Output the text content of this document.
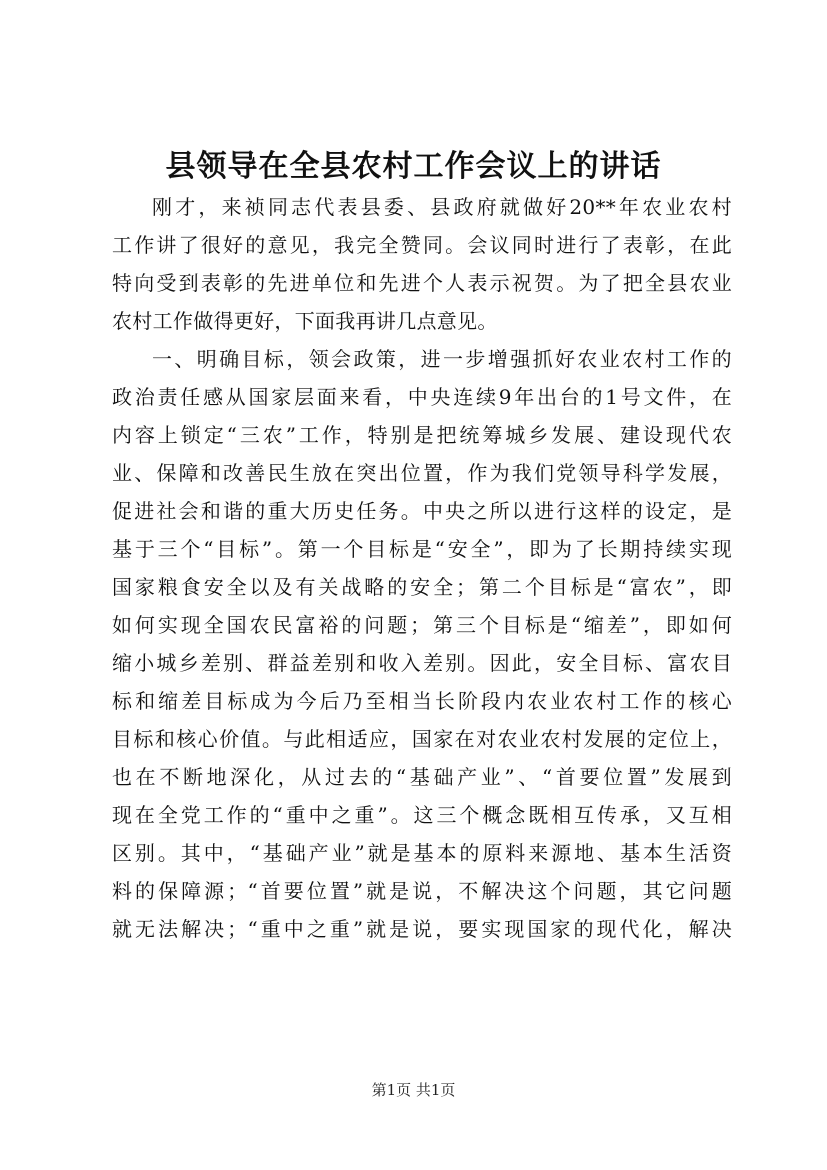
县领导在全县农村工作会议上的讲话
刚才，来祯同志代表县委、县政府就做好20**年农业农村
工作讲了很好的意见，我完全赞同。会议同时进行了表彰，在此
特向受到表彰的先进单位和先进个人表示祝贺。为了把全县农业
农村工作做得更好，下面我再讲几点意见。
一、明确目标，领会政策，进一步增强抓好农业农村工作的
政治责任感从国家层面来看，中央连续9年出台的1号文件，在
内容上锁定“三农”工作，特别是把统筹城乡发展、建设现代农
业、保障和改善民生放在突出位置，作为我们党领导科学发展，
促进社会和谐的重大历史任务。中央之所以进行这样的设定，是
基于三个“目标”。第一个目标是“安全”，即为了长期持续实现
国家粮食安全以及有关战略的安全；第二个目标是“富农”，即
如何实现全国农民富裕的问题；第三个目标是“缩差”，即如何
缩小城乡差别、群益差别和收入差别。因此，安全目标、富农目
标和缩差目标成为今后乃至相当长阶段内农业农村工作的核心
目标和核心价值。与此相适应，国家在对农业农村发展的定位上，
也在不断地深化，从过去的“基础产业”、“首要位置”发展到
现在全党工作的“重中之重”。这三个概念既相互传承，又互相
区别。其中，“基础产业”就是基本的原料来源地、基本生活资
料的保障源；“首要位置”就是说，不解决这个问题，其它问题
就无法解决；“重中之重”就是说，要实现国家的现代化，解决
第1页 共1页
